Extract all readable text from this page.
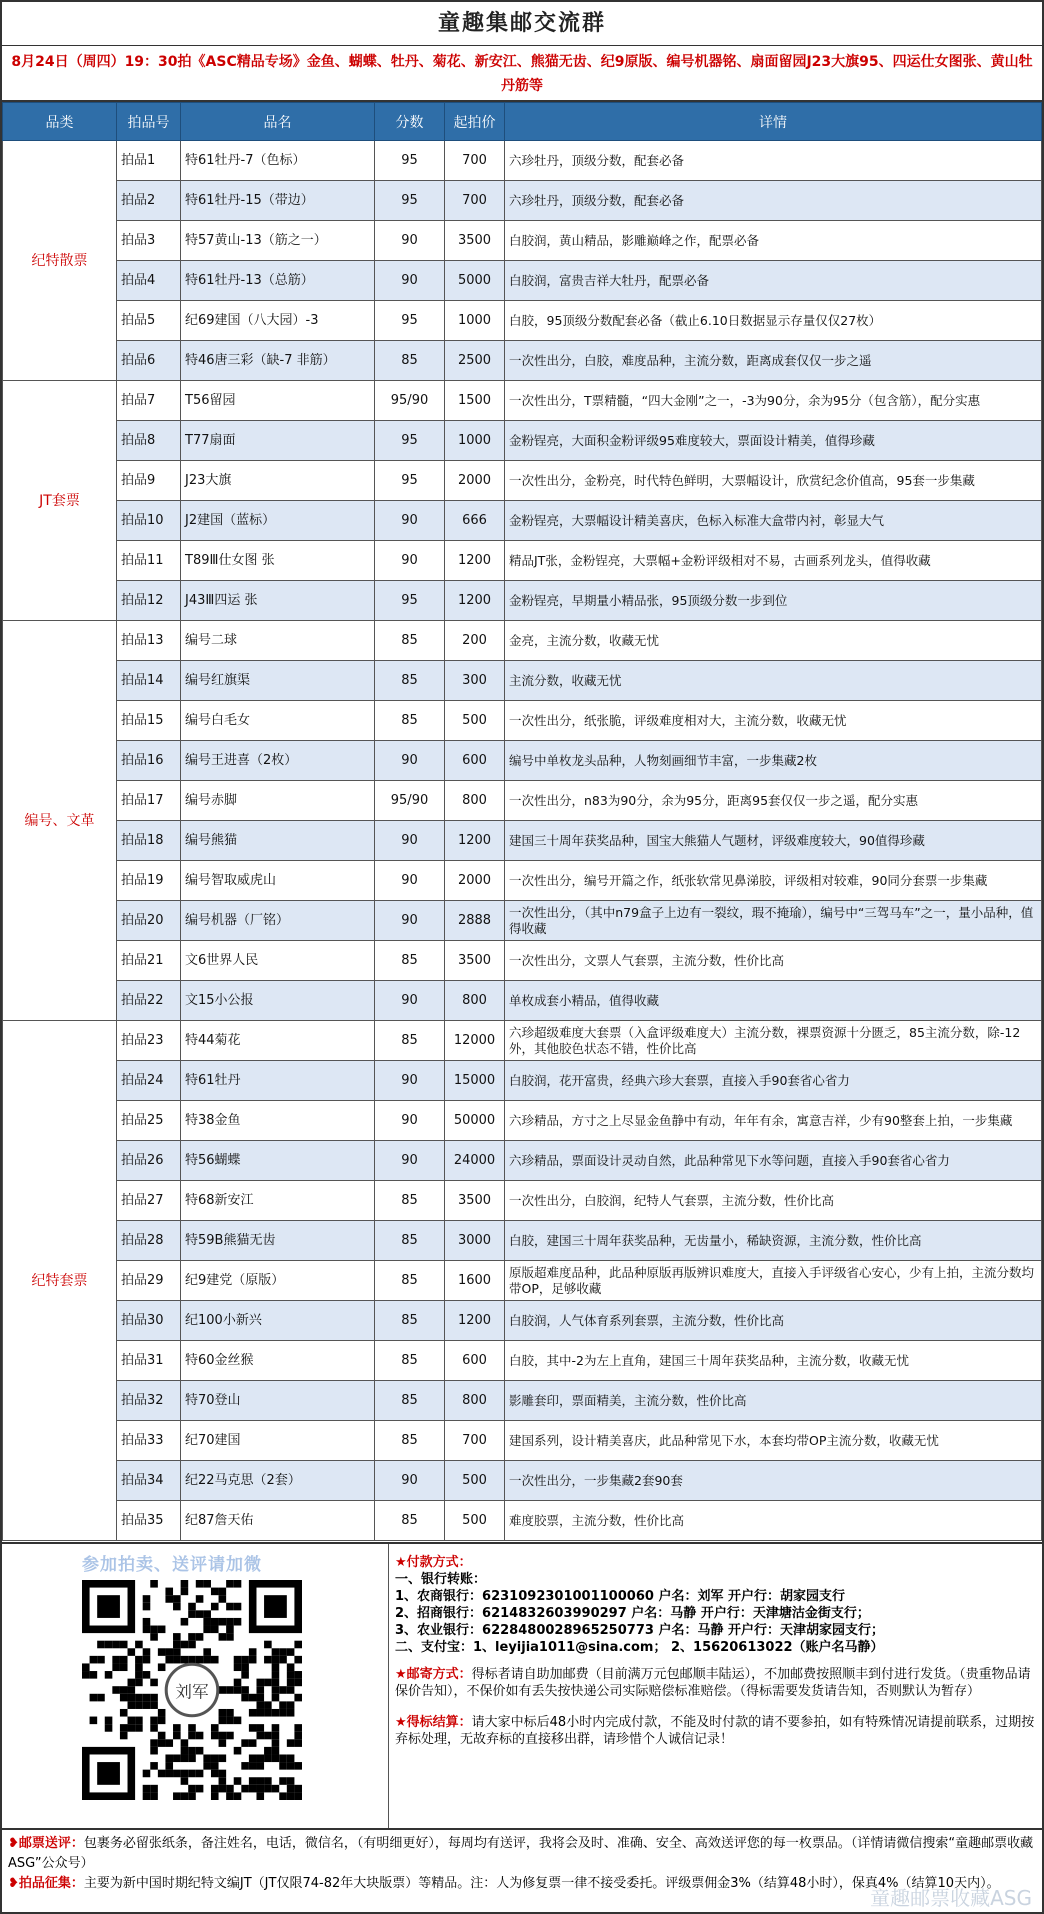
童趣集邮交流群
8月24日（周四）19：30拍《ASC精品专场》金鱼、蝴蝶、牡丹、菊花、新安江、熊猫无齿、纪9原版、编号机器铭、扇面留园J23大旗95、四运仕女图张、黄山牡丹筋等
品类	拍品号	品名	分数	起拍价	详情
纪特散票	拍品1	特61牡丹-7（色标）	95	700	六珍牡丹，顶级分数，配套必备
	拍品2	特61牡丹-15（带边）	95	700	六珍牡丹，顶级分数，配套必备
	拍品3	特57黄山-13（筋之一）	90	3500	白胶润，黄山精品，影雕巅峰之作，配票必备
	拍品4	特61牡丹-13（总筋）	90	5000	白胶润，富贵吉祥大牡丹，配票必备
	拍品5	纪69建国（八大园）-3	95	1000	白胶，95顶级分数配套必备（截止6.10日数据显示存量仅仅27枚）
	拍品6	特46唐三彩（缺-7 非筋）	85	2500	一次性出分，白胶，难度品种，主流分数，距离成套仅仅一步之遥
JT套票	拍品7	T56留园	95/90	1500	一次性出分，T票精髓，“四大金刚”之一，-3为90分，余为95分（包含筋），配分实惠
	拍品8	T77扇面	95	1000	金粉锃亮，大面积金粉评级95难度较大，票面设计精美，值得珍藏
	拍品9	J23大旗	95	2000	一次性出分，金粉亮，时代特色鲜明，大票幅设计，欣赏纪念价值高，95套一步集藏
	拍品10	J2建国（蓝标）	90	666	金粉锃亮，大票幅设计精美喜庆，色标入标准大盒带内衬，彰显大气
	拍品11	T89Ⅲ仕女图 张	90	1200	精品JT张，金粉锃亮，大票幅+金粉评级相对不易，古画系列龙头，值得收藏
	拍品12	J43Ⅲ四运 张	95	1200	金粉锃亮，早期量小精品张，95顶级分数一步到位
编号、文革	拍品13	编号二球	85	200	金亮，主流分数，收藏无忧
	拍品14	编号红旗渠	85	300	主流分数，收藏无忧
	拍品15	编号白毛女	85	500	一次性出分，纸张脆，评级难度相对大，主流分数，收藏无忧
	拍品16	编号王进喜（2枚）	90	600	编号中单枚龙头品种，人物刻画细节丰富，一步集藏2枚
	拍品17	编号赤脚	95/90	800	一次性出分，n83为90分，余为95分，距离95套仅仅一步之遥，配分实惠
	拍品18	编号熊猫	90	1200	建国三十周年获奖品种，国宝大熊猫人气题材，评级难度较大，90值得珍藏
	拍品19	编号智取威虎山	90	2000	一次性出分，编号开篇之作，纸张软常见鼻涕胶，评级相对较难，90同分套票一步集藏
	拍品20	编号机器（厂铭）	90	2888	一次性出分，（其中n79盒子上边有一裂纹，瑕不掩瑜），编号中“三驾马车”之一，量小品种，值得收藏
	拍品21	文6世界人民	85	3500	一次性出分，文票人气套票，主流分数，性价比高
	拍品22	文15小公报	90	800	单枚成套小精品，值得收藏
纪特套票	拍品23	特44菊花	85	12000	六珍超级难度大套票（入盒评级难度大）主流分数，裸票资源十分匮乏，85主流分数，除-12外，其他胶色状态不错，性价比高
	拍品24	特61牡丹	90	15000	白胶润，花开富贵，经典六珍大套票，直接入手90套省心省力
	拍品25	特38金鱼	90	50000	六珍精品，方寸之上尽显金鱼静中有动，年年有余，寓意吉祥，少有90整套上拍，一步集藏
	拍品26	特56蝴蝶	90	24000	六珍精品，票面设计灵动自然，此品种常见下水等问题，直接入手90套省心省力
	拍品27	特68新安江	85	3500	一次性出分，白胶润，纪特人气套票，主流分数，性价比高
	拍品28	特59B熊猫无齿	85	3000	白胶，建国三十周年获奖品种，无齿量小，稀缺资源，主流分数，性价比高
	拍品29	纪9建党（原版）	85	1600	原版超难度品种，此品种原版再版辨识难度大，直接入手评级省心安心，少有上拍，主流分数均带OP，足够收藏
	拍品30	纪100小新兴	85	1200	白胶润，人气体育系列套票，主流分数，性价比高
	拍品31	特60金丝猴	85	600	白胶，其中-2为左上直角，建国三十周年获奖品种，主流分数，收藏无忧
	拍品32	特70登山	85	800	影雕套印，票面精美，主流分数，性价比高
	拍品33	纪70建国	85	700	建国系列，设计精美喜庆，此品种常见下水，本套均带OP主流分数，收藏无忧
	拍品34	纪22马克思（2套）	90	500	一次性出分，一步集藏2套90套
	拍品35	纪87詹天佑	85	500	难度胶票，主流分数，性价比高
参加拍卖、送评请加微
刘军
★付款方式：
一、银行转账：
1、农商银行：6231092301001100060 户名：刘军 开户行：胡家园支行
2、招商银行：6214832603990297 户名：马静 开户行：天津塘沽金街支行；
3、农业银行：6228480028965250773 户名：马静 开户行：天津胡家园支行；
二、支付宝：1、leyijia1011@sina.com； 2、15620613022（账户名马静）
★邮寄方式：得标者请自助加邮费（目前满万元包邮顺丰陆运），不加邮费按照顺丰到付进行发货。（贵重物品请保价告知），不保价如有丢失按快递公司实际赔偿标准赔偿。（得标需要发货请告知，否则默认为暂存）
★得标结算：请大家中标后48小时内完成付款，不能及时付款的请不要参拍，如有特殊情况请提前联系，过期按弃标处理，无故弃标的直接移出群，请珍惜个人诚信记录！
❥邮票送评：包裹务必留张纸条，备注姓名，电话，微信名，（有明细更好），每周均有送评，我将会及时、准确、安全、高效送评您的每一枚票品。（详情请微信搜索“童趣邮票收藏ASG”公众号）
❥拍品征集：主要为新中国时期纪特文编JT（JT仅限74-82年大块版票）等精品。注：人为修复票一律不接受委托。评级票佣金3%（结算48小时），保真4%（结算10天内）。
童趣邮票收藏ASG
